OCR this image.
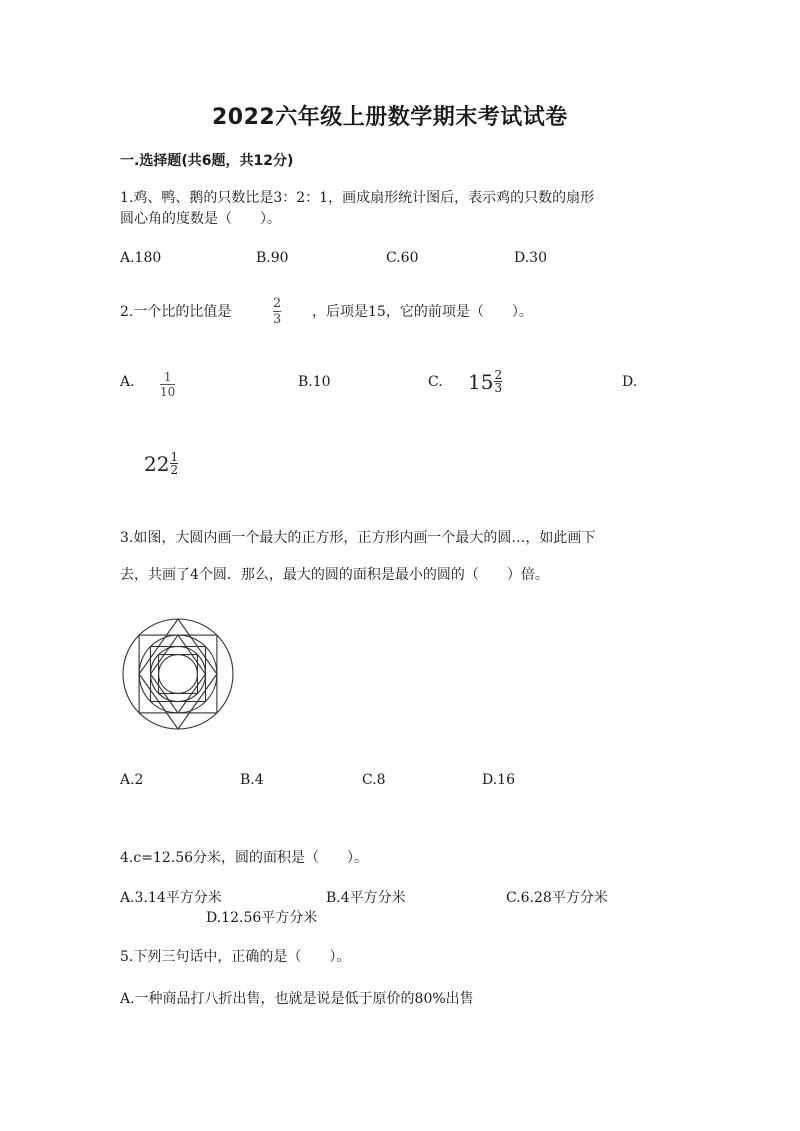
2022六年级上册数学期末考试试卷
一.选择题(共6题，共12分)
1.鸡、鸭、鹅的只数比是3：2：1，画成扇形统计图后，表示鸡的只数的扇形
圆心角的度数是（　　）。
A.180	B.90	C.60	D.30
2.一个比的比值是
2
3 ，后项是15，它的前项是（　　）。
A. 1
10
B.10	C. 15 2
3	D.
22 1
2
3.如图，大圆内画一个最大的正方形，正方形内画一个最大的圆…，如此画下
去，共画了4个圆．那么，最大的圆的面积是最小的圆的（　　）倍。
A.2	B.4	C.8	D.16
4.c=12.56分米，圆的面积是（　　）。
A.3.14平方分米	B.4平方分米	C.6.28平方分米
D.12.56平方分米
5.下列三句话中，正确的是（　　）。
A.一种商品打八折出售，也就是说是低于原价的80%出售
